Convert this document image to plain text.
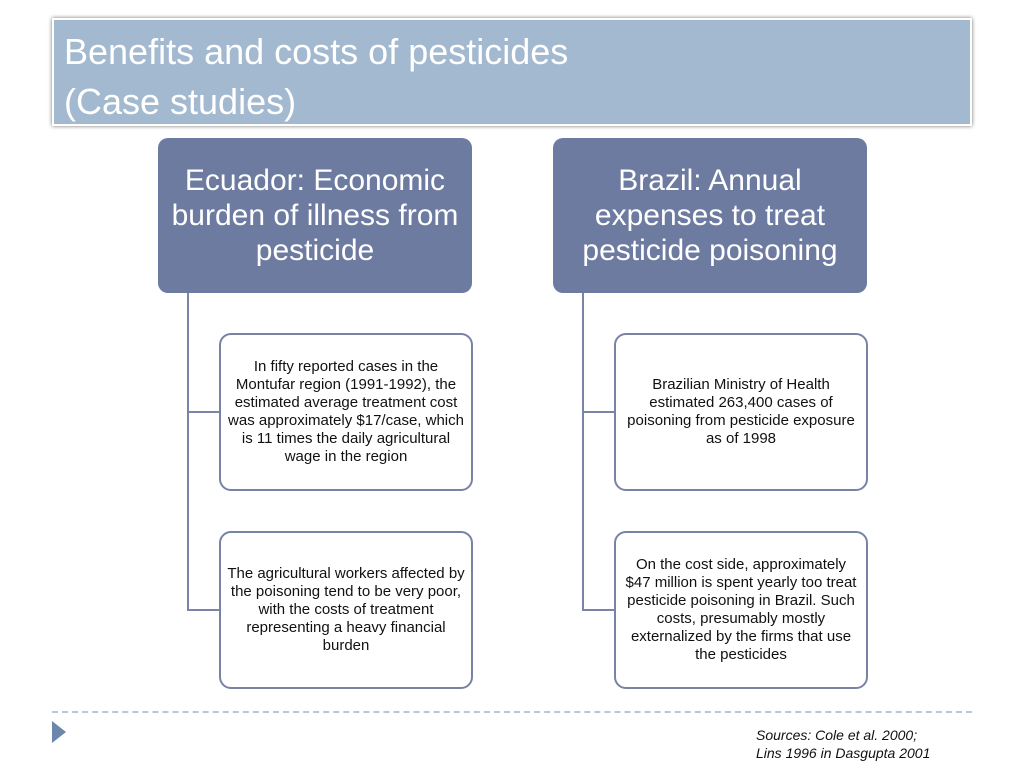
Benefits and costs of pesticides
(Case studies)
Ecuador: Economic burden of illness from pesticide
In fifty reported cases in the Montufar region (1991-1992), the estimated average treatment cost was approximately $17/case, which is 11 times the daily agricultural wage in the region
The agricultural workers affected by the poisoning tend to be very poor, with the costs of treatment representing a heavy financial burden
Brazil: Annual expenses to treat pesticide poisoning
Brazilian Ministry of Health estimated 263,400 cases of poisoning from pesticide exposure as of 1998
On the cost side, approximately $47 million is spent yearly too treat pesticide poisoning in Brazil. Such costs, presumably mostly externalized by the firms that use the pesticides
Sources: Cole et al. 2000;
Lins 1996 in Dasgupta 2001
